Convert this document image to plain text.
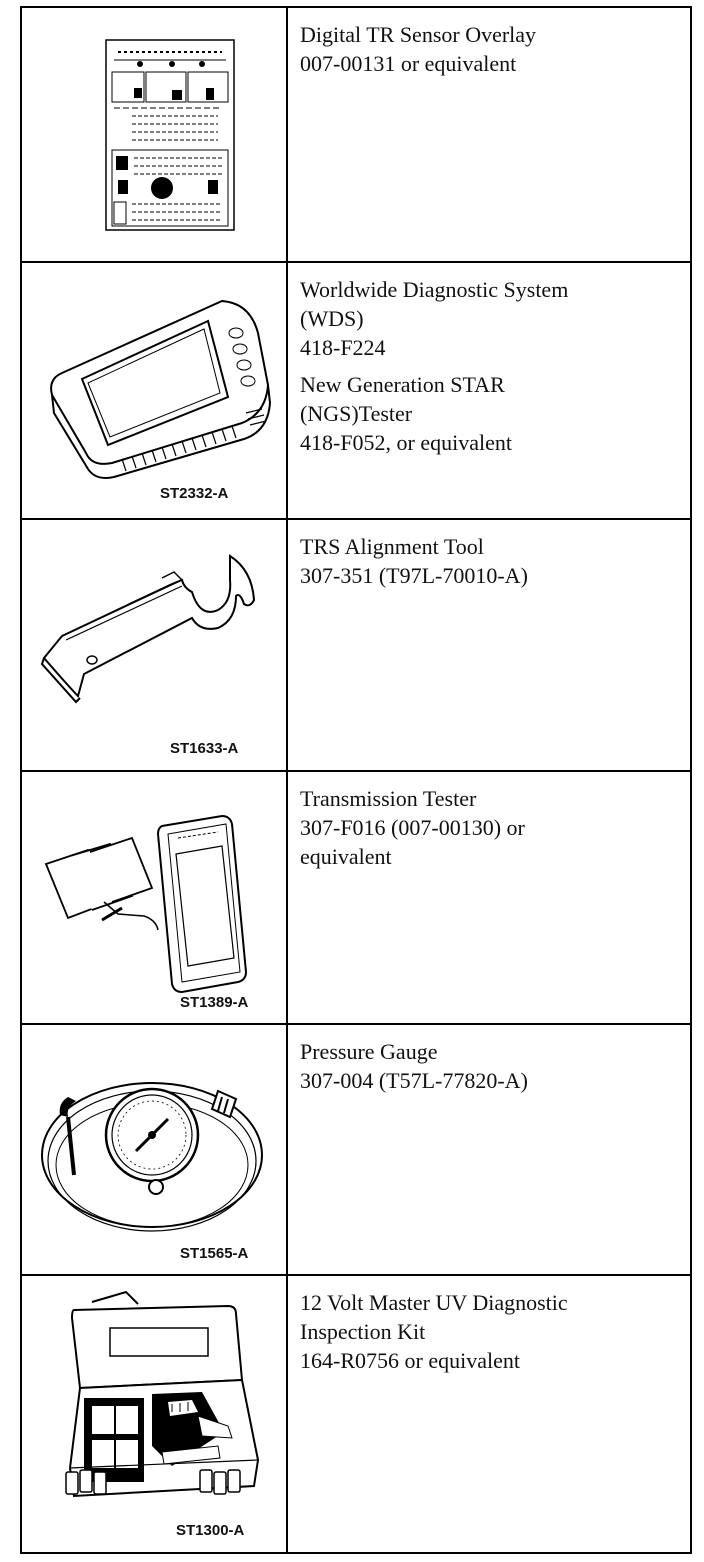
Digital TR Sensor Overlay
007-00131 or equivalent
ST2332-A
Worldwide Diagnostic System
(WDS)
418-F224
New Generation STAR
(NGS)Tester
418-F052, or equivalent
ST1633-A
TRS Alignment Tool
307-351 (T97L-70010-A)
ST1389-A
Transmission Tester
307-F016 (007-00130) or
equivalent
ST1565-A
Pressure Gauge
307-004 (T57L-77820-A)
ST1300-A
12 Volt Master UV Diagnostic
Inspection Kit
164-R0756 or equivalent
